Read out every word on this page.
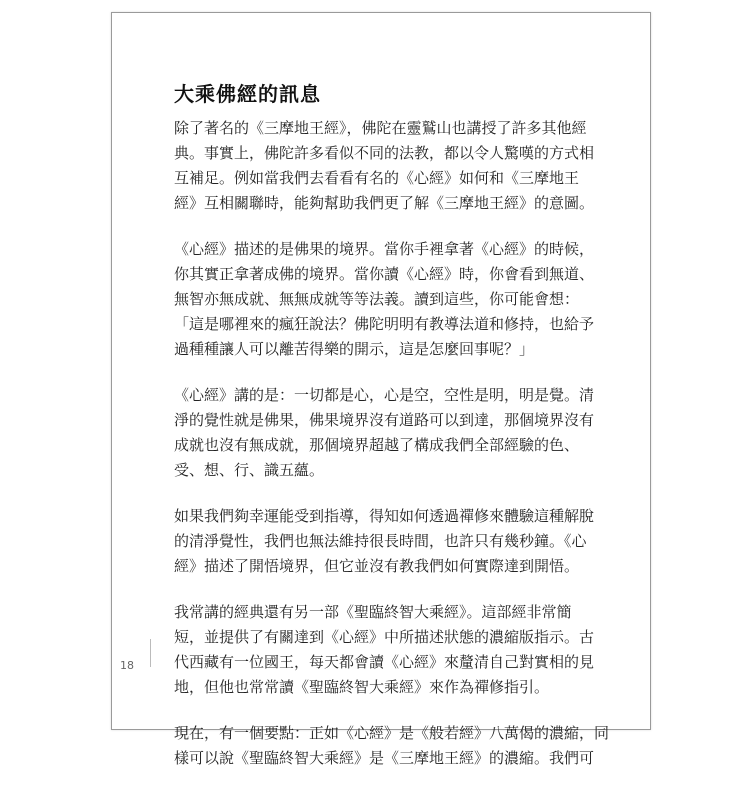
大乘佛經的訊息

除了著名的《三摩地王經》，佛陀在靈鷲山也講授了許多其他經
典。事實上，佛陀許多看似不同的法教，都以令人驚嘆的方式相
互補足。例如當我們去看看有名的《心經》如何和《三摩地王
經》互相關聯時，能夠幫助我們更了解《三摩地王經》的意圖。

《心經》描述的是佛果的境界。當你手裡拿著《心經》的時候，
你其實正拿著成佛的境界。當你讀《心經》時，你會看到無道、
無智亦無成就、無無成就等等法義。讀到這些，你可能會想：
「這是哪裡來的瘋狂說法？佛陀明明有教導法道和修持，也給予
過種種讓人可以離苦得樂的開示，這是怎麼回事呢？」

《心經》講的是：一切都是心，心是空，空性是明，明是覺。清
淨的覺性就是佛果，佛果境界沒有道路可以到達，那個境界沒有
成就也沒有無成就，那個境界超越了構成我們全部經驗的色、
受、想、行、識五蘊。

如果我們夠幸運能受到指導，得知如何透過禪修來體驗這種解脫
的清淨覺性，我們也無法維持很長時間，也許只有幾秒鐘。《心
經》描述了開悟境界，但它並沒有教我們如何實際達到開悟。

我常講的經典還有另一部《聖臨終智大乘經》。這部經非常簡
短，並提供了有關達到《心經》中所描述狀態的濃縮版指示。古
代西藏有一位國王，每天都會讀《心經》來釐清自己對實相的見
地，但他也常常讀《聖臨終智大乘經》來作為禪修指引。

現在，有一個要點：正如《心經》是《般若經》八萬偈的濃縮，同
樣可以說《聖臨終智大乘經》是《三摩地王經》的濃縮。我們可

18
